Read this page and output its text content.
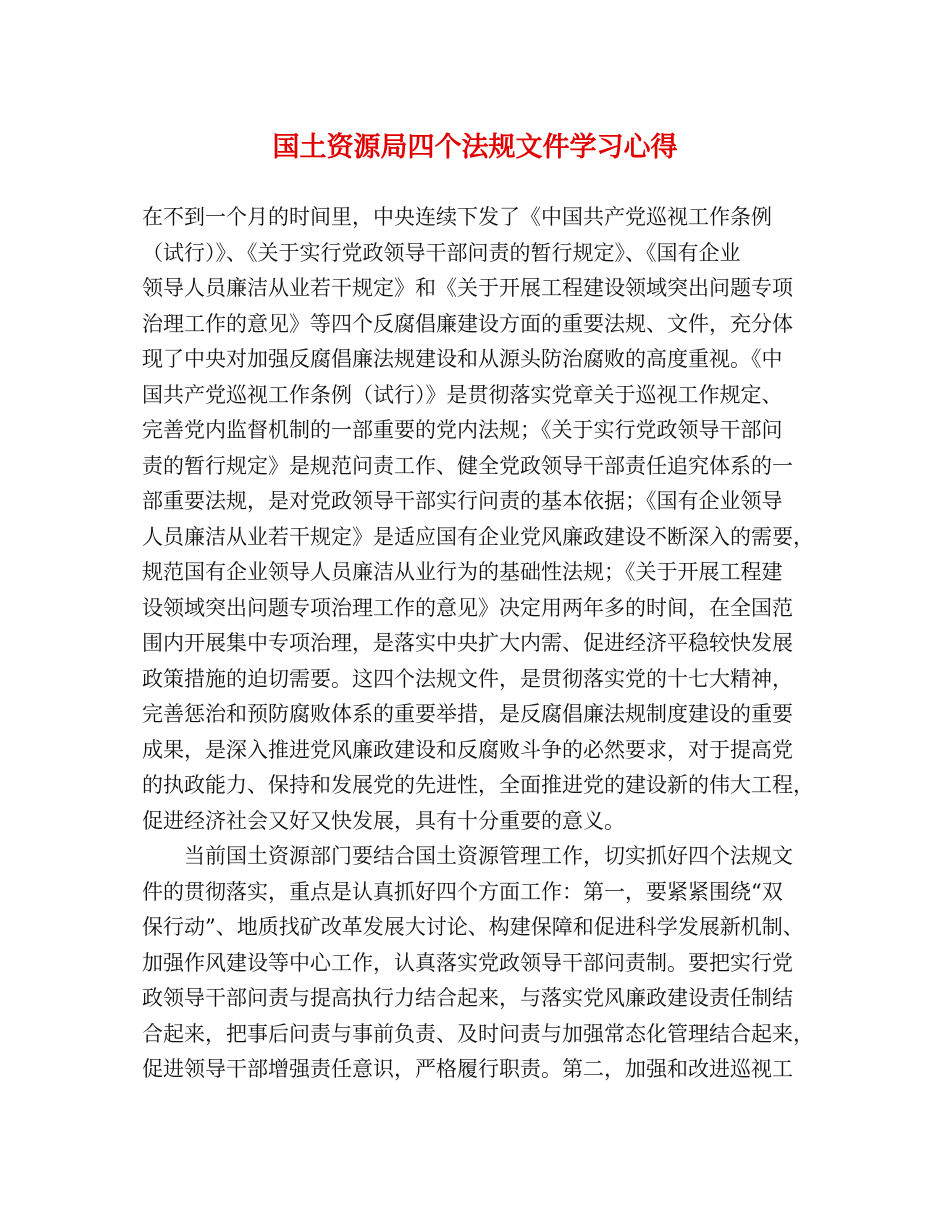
国土资源局四个法规文件学习心得
在不到一个月的时间里，中央连续下发了《中国共产党巡视工作条例
（试行）》、《关于实行党政领导干部问责的暂行规定》、《国有企业
领导人员廉洁从业若干规定》和《关于开展工程建设领域突出问题专项
治理工作的意见》等四个反腐倡廉建设方面的重要法规、文件，充分体
现了中央对加强反腐倡廉法规建设和从源头防治腐败的高度重视。《中
国共产党巡视工作条例（试行）》是贯彻落实党章关于巡视工作规定、
完善党内监督机制的一部重要的党内法规；《关于实行党政领导干部问
责的暂行规定》是规范问责工作、健全党政领导干部责任追究体系的一
部重要法规，是对党政领导干部实行问责的基本依据；《国有企业领导
人员廉洁从业若干规定》是适应国有企业党风廉政建设不断深入的需要，
规范国有企业领导人员廉洁从业行为的基础性法规；《关于开展工程建
设领域突出问题专项治理工作的意见》决定用两年多的时间，在全国范
围内开展集中专项治理，是落实中央扩大内需、促进经济平稳较快发展
政策措施的迫切需要。这四个法规文件，是贯彻落实党的十七大精神，
完善惩治和预防腐败体系的重要举措，是反腐倡廉法规制度建设的重要
成果，是深入推进党风廉政建设和反腐败斗争的必然要求，对于提高党
的执政能力、保持和发展党的先进性，全面推进党的建设新的伟大工程，
促进经济社会又好又快发展，具有十分重要的意义。
当前国土资源部门要结合国土资源管理工作，切实抓好四个法规文
件的贯彻落实，重点是认真抓好四个方面工作：第一，要紧紧围绕“双
保行动”、地质找矿改革发展大讨论、构建保障和促进科学发展新机制、
加强作风建设等中心工作，认真落实党政领导干部问责制。要把实行党
政领导干部问责与提高执行力结合起来，与落实党风廉政建设责任制结
合起来，把事后问责与事前负责、及时问责与加强常态化管理结合起来，
促进领导干部增强责任意识，严格履行职责。第二，加强和改进巡视工
